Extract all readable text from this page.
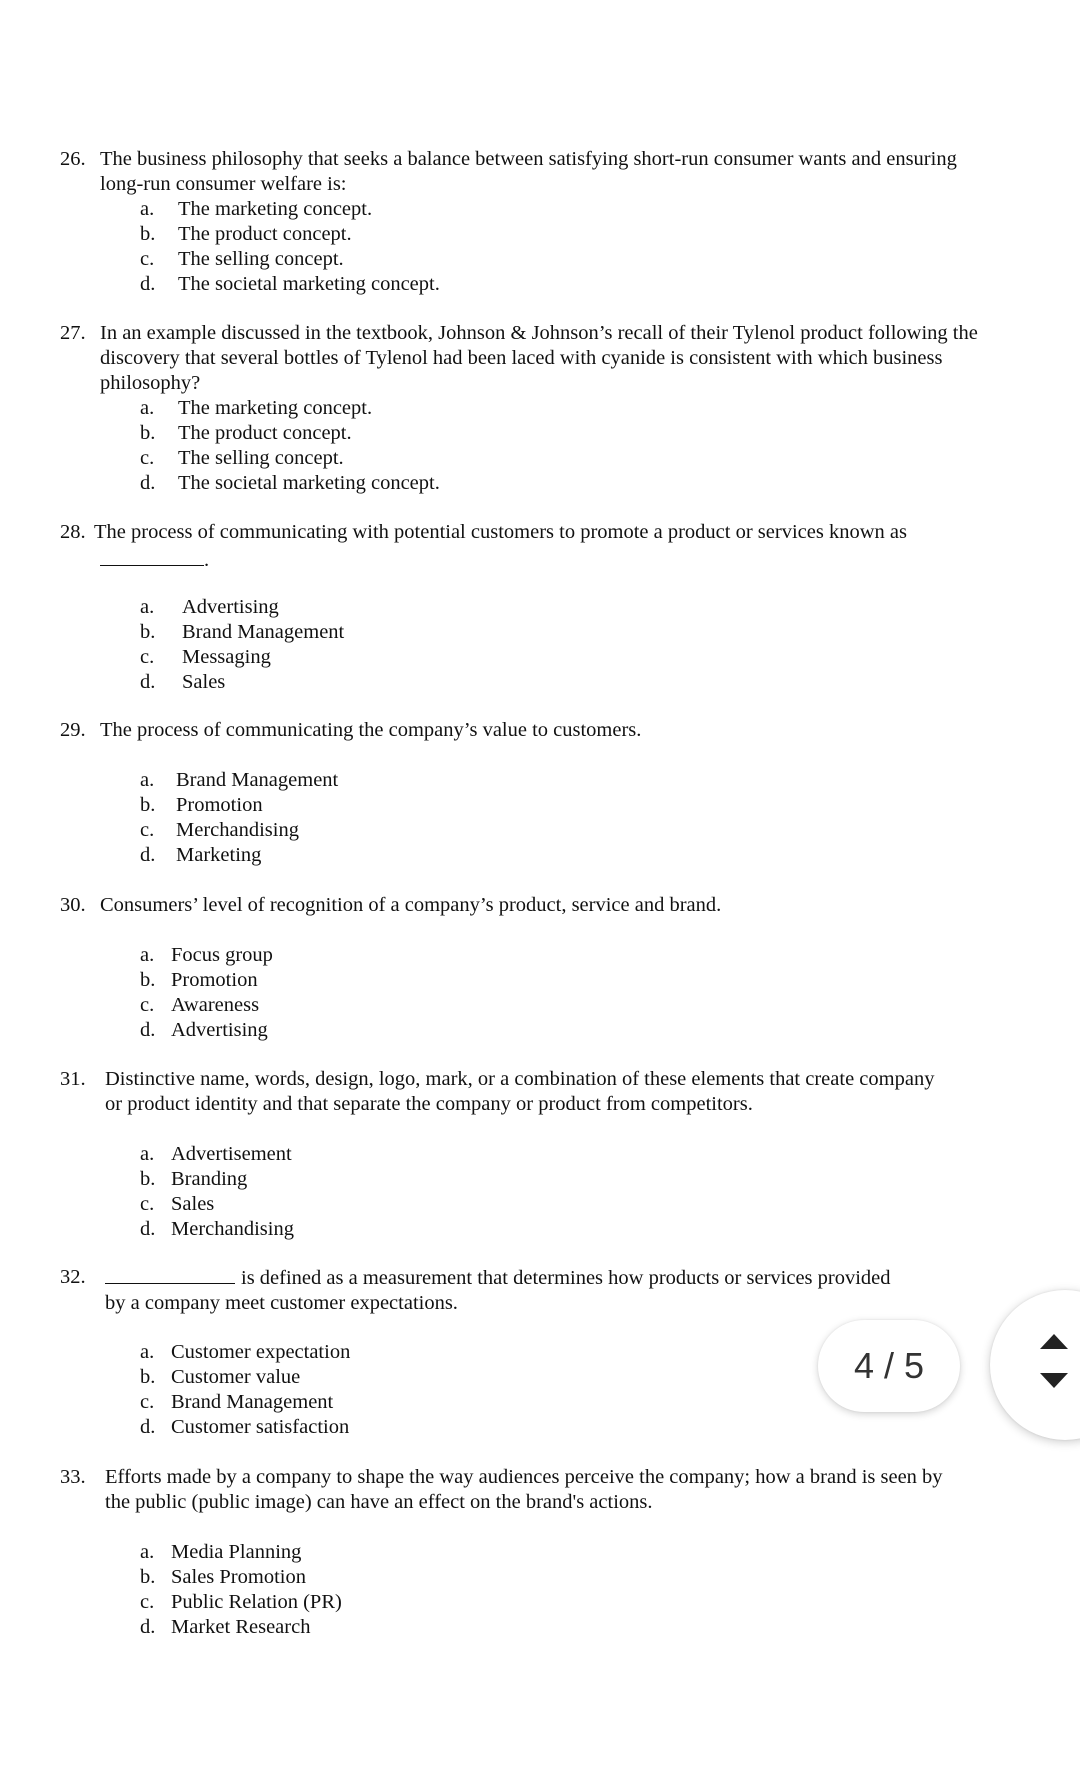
26. The business philosophy that seeks a balance between satisfying short-run consumer wants and ensuring
long-run consumer welfare is:
a. The marketing concept.
b. The product concept.
c. The selling concept.
d. The societal marketing concept.
27. In an example discussed in the textbook, Johnson & Johnson’s recall of their Tylenol product following the
discovery that several bottles of Tylenol had been laced with cyanide is consistent with which business
philosophy?
a. The marketing concept.
b. The product concept.
c. The selling concept.
d. The societal marketing concept.
28. The process of communicating with potential customers to promote a product or services known as
.
a. Advertising
b. Brand Management
c. Messaging
d. Sales
29. The process of communicating the company’s value to customers.
a. Brand Management
b. Promotion
c. Merchandising
d. Marketing
30. Consumers’ level of recognition of a company’s product, service and brand.
a. Focus group
b. Promotion
c. Awareness
d. Advertising
31. Distinctive name, words, design, logo, mark, or a combination of these elements that create company
or product identity and that separate the company or product from competitors.
a. Advertisement
b. Branding
c. Sales
d. Merchandising
32.	is defined as a measurement that determines how products or services provided
by a company meet customer expectations.
a. Customer expectation
b. Customer value
c. Brand Management
d. Customer satisfaction
33. Efforts made by a company to shape the way audiences perceive the company; how a brand is seen by
the public (public image) can have an effect on the brand's actions.
a. Media Planning
b. Sales Promotion
c. Public Relation (PR)
d. Market Research
4 / 5
